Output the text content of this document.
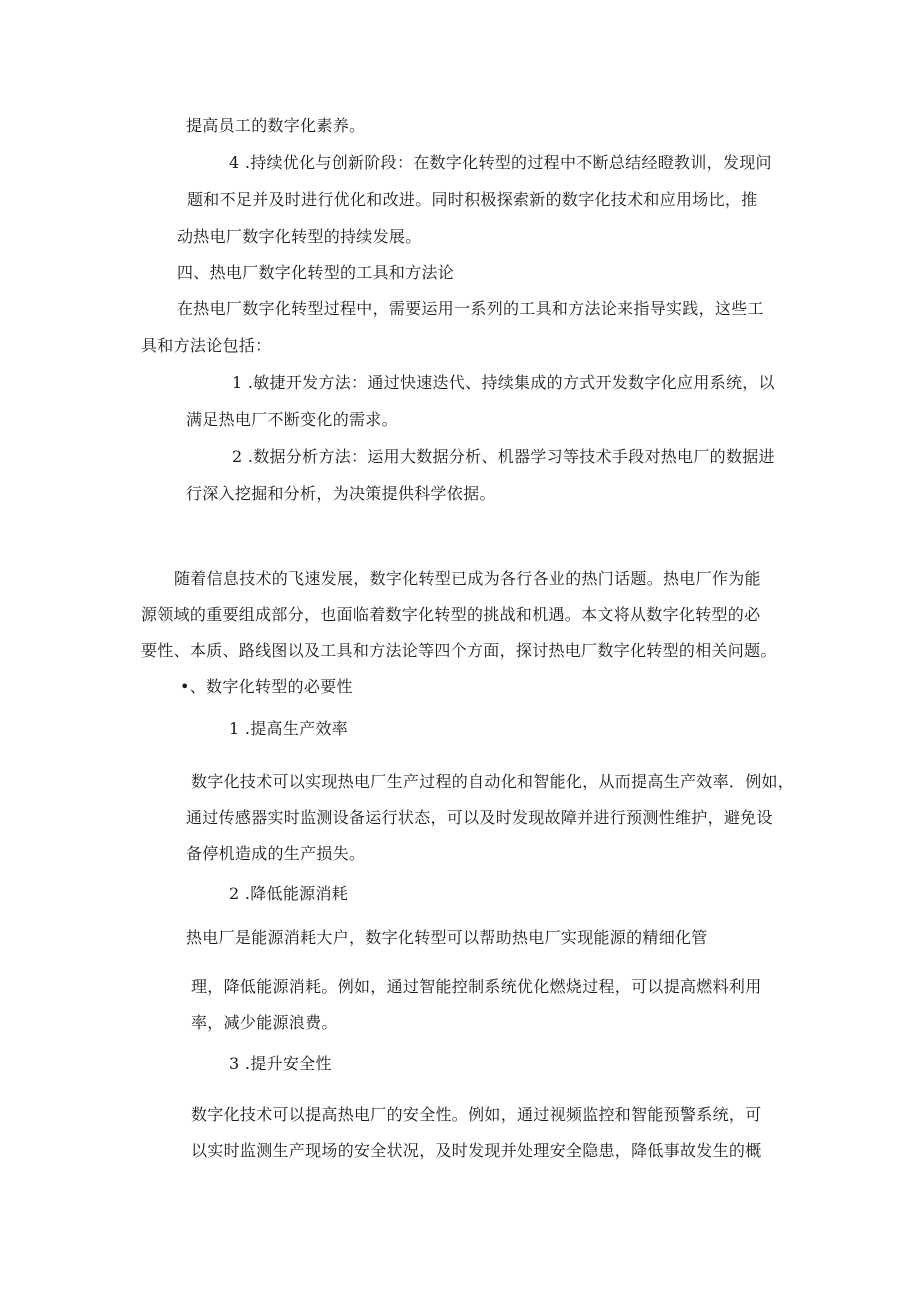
提高员工的数字化素养。
4 .持续优化与创新阶段：在数字化转型的过程中不断总结经瞪教训，发现问
题和不足并及时进行优化和改进。同时积极探索新的数字化技术和应用场比，推
动热电厂数字化转型的持续发展。
四、热电厂数字化转型的工具和方法论
在热电厂数字化转型过程中，需要运用一系列的工具和方法论来指导实践，这些工
具和方法论包括：
1 .敏捷开发方法：通过快速迭代、持续集成的方式开发数字化应用系统，以
满足热电厂不断变化的需求。
2 .数据分析方法：运用大数据分析、机器学习等技术手段对热电厂的数据进
行深入挖掘和分析，为决策提供科学依据。
随着信息技术的飞速发展，数字化转型已成为各行各业的热门话题。热电厂作为能
源领域的重要组成部分，也面临着数字化转型的挑战和机遇。本文将从数字化转型的必
要性、本质、路线图以及工具和方法论等四个方面，探讨热电厂数字化转型的相关问题。
•、数字化转型的必要性
1 .提高生产效率
数字化技术可以实现热电厂生产过程的自动化和智能化，从而提高生产效率．例如，
通过传感器实时监测设备运行状态，可以及时发现故障并进行预测性维护，避免设
备停机造成的生产损失。
2 .降低能源消耗
热电厂是能源消耗大户，数字化转型可以帮助热电厂实现能源的精细化管
理，降低能源消耗。例如，通过智能控制系统优化燃烧过程，可以提高燃料利用
率，减少能源浪费。
3 .提升安全性
数字化技术可以提高热电厂的安全性。例如，通过视频监控和智能预警系统，可
以实时监测生产现场的安全状况，及时发现并处理安全隐患，降低事故发生的概
